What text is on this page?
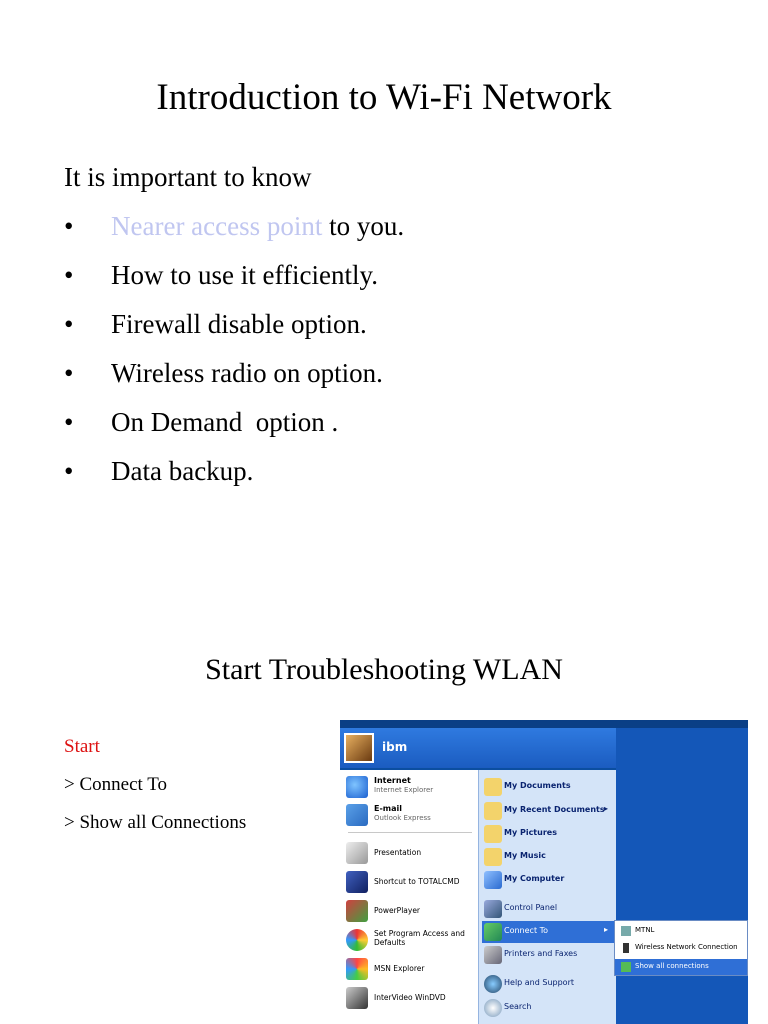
Introduction to Wi-Fi Network
It is important to know
• Nearer access point to you.
• How to use it efficiently.
• Firewall disable option.
• Wireless radio on option.
• On Demand  option .
• Data backup.
Start Troubleshooting WLAN
Start
> Connect To
> Show all Connections
ibm
Internet
Internet Explorer
E-mail
Outlook Express
Presentation
Shortcut to TOTALCMD
PowerPlayer
Set Program Access and Defaults
MSN Explorer
InterVideo WinDVD
My Documents
My Recent Documents ▸
My Pictures
My Music
My Computer
Control Panel
Connect To	▸
Printers and Faxes
Help and Support
Search
MTNL
Wireless Network Connection
Show all connections
